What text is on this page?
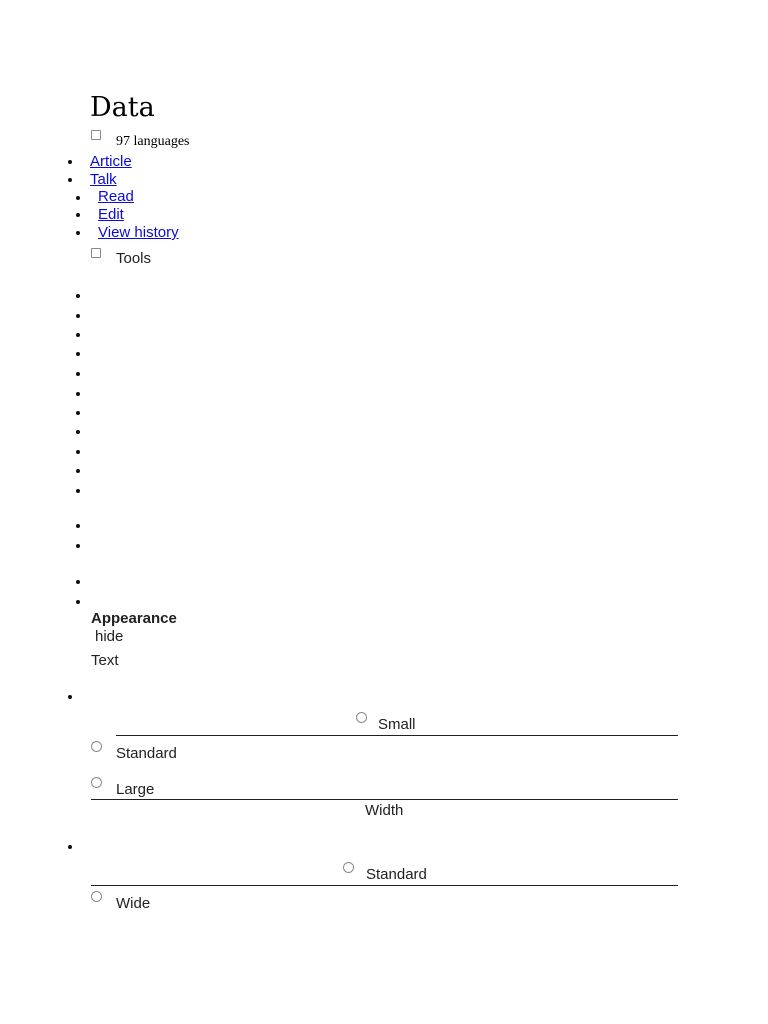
Data
97 languages
Article
Talk
Read
Edit
View history
Tools
Appearance
hide
Text
Small
Standard
Large
Width
Standard
Wide
